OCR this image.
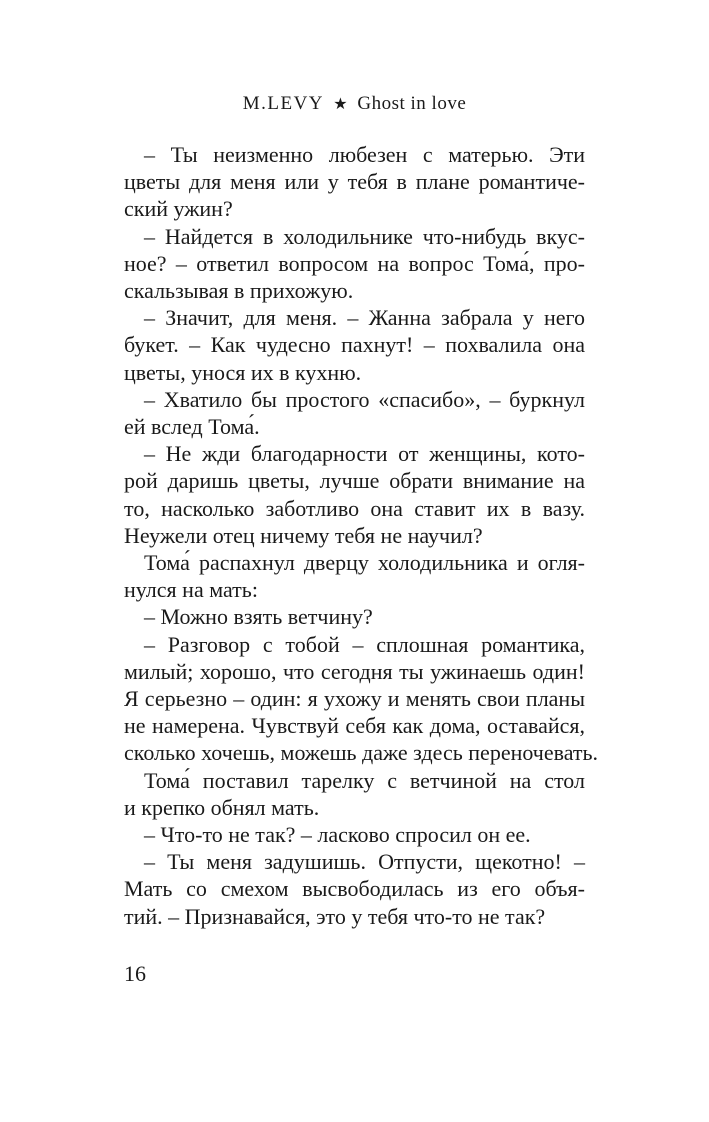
M.LEVY ★ Ghost in love
– Ты неизменно любезен с матерью. Эти
цветы для меня или у тебя в плане романтиче-
ский ужин?
– Найдется в холодильнике что-нибудь вкус-
ное? – ответил вопросом на вопрос Тома́, про-
скальзывая в прихожую.
– Значит, для меня. – Жанна забрала у него
букет. – Как чудесно пахнут! – похвалила она
цветы, унося их в кухню.
– Хватило бы простого «спасибо», – буркнул
ей вслед Тома́.
– Не жди благодарности от женщины, кото-
рой даришь цветы, лучше обрати внимание на
то, насколько заботливо она ставит их в вазу.
Неужели отец ничему тебя не научил?
Тома́ распахнул дверцу холодильника и огля-
нулся на мать:
– Можно взять ветчину?
– Разговор с тобой – сплошная романтика,
милый; хорошо, что сегодня ты ужинаешь один!
Я серьезно – один: я ухожу и менять свои планы
не намерена. Чувствуй себя как дома, оставайся,
сколько хочешь, можешь даже здесь переночевать.
Тома́ поставил тарелку с ветчиной на стол
и крепко обнял мать.
– Что-то не так? – ласково спросил он ее.
– Ты меня задушишь. Отпусти, щекотно! –
Мать со смехом высвободилась из его объя-
тий. – Признавайся, это у тебя что-то не так?
16
